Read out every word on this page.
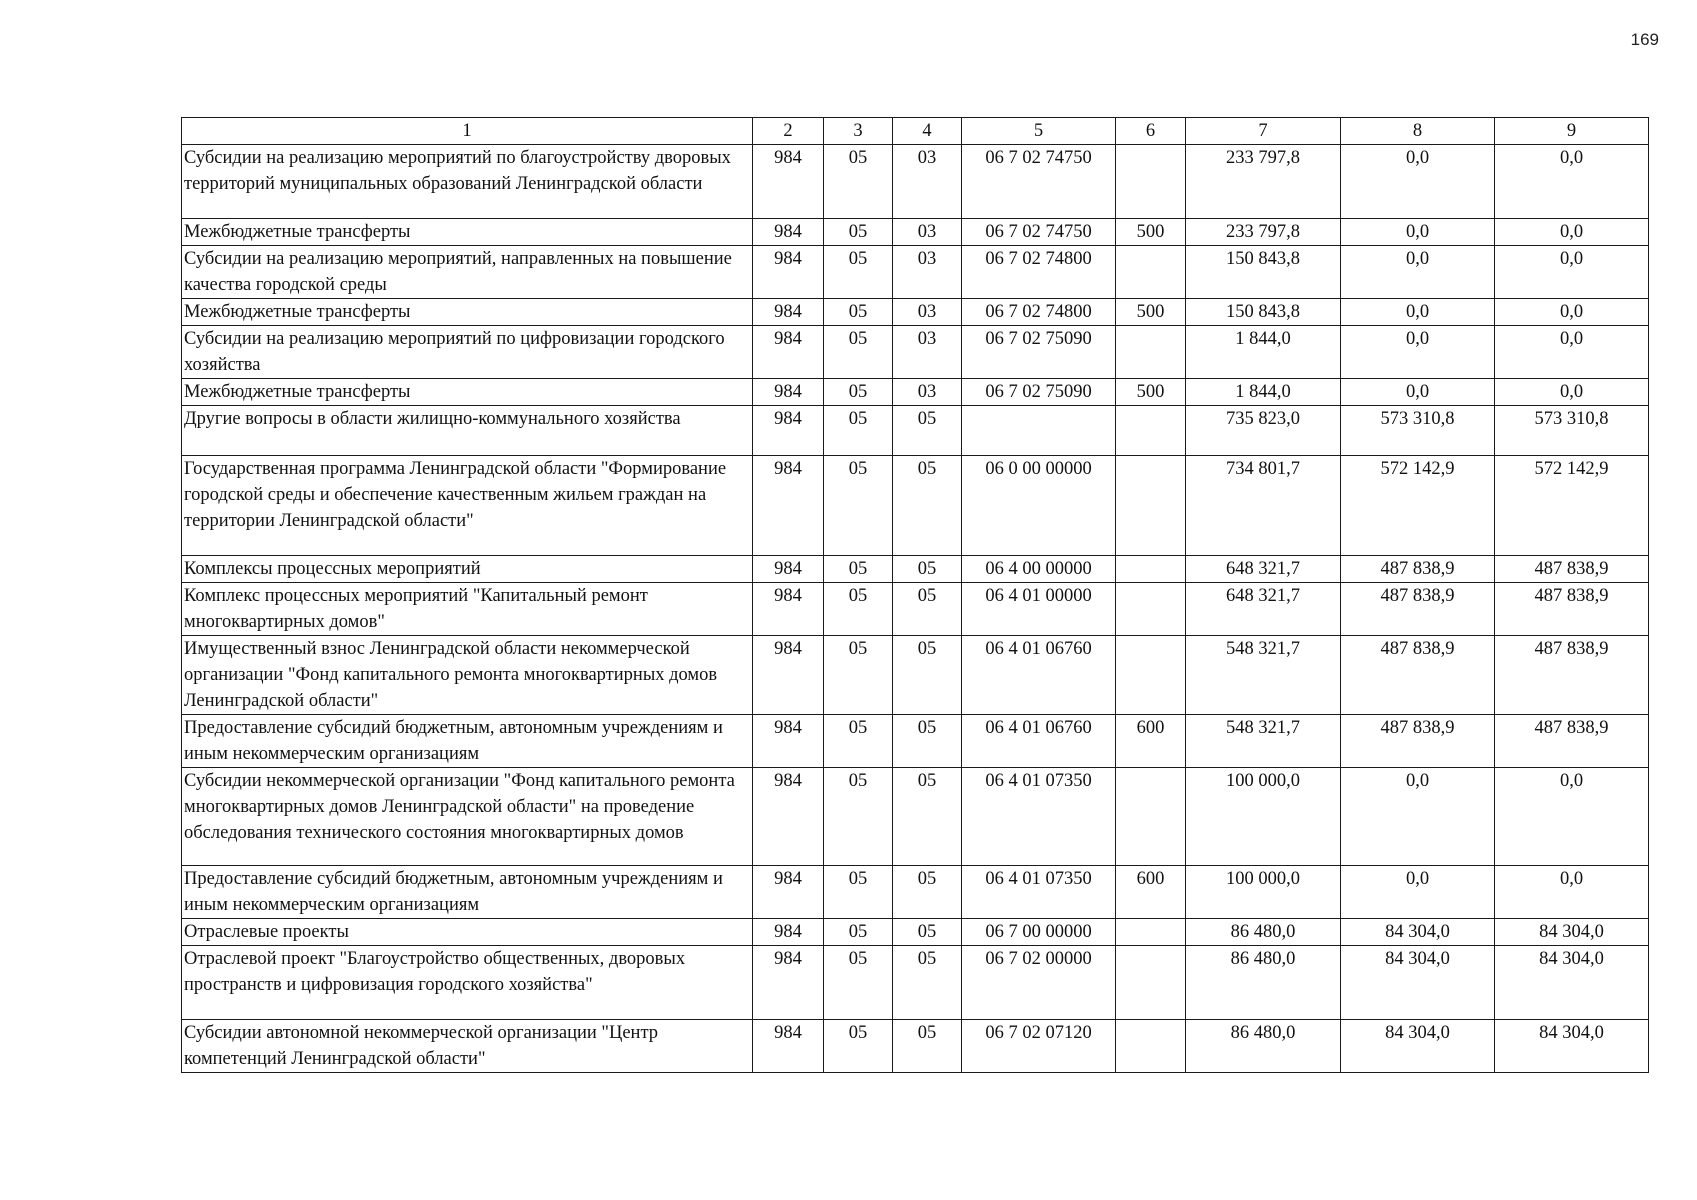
169
1	2	3	4	5	6	7	8	9
Субсидии на реализацию мероприятий по благоустройству дворовых территорий муниципальных образований Ленинградской области	984	05	03	06 7 02 74750		233 797,8	0,0	0,0
Межбюджетные трансферты	984	05	03	06 7 02 74750	500	233 797,8	0,0	0,0
Субсидии на реализацию мероприятий, направленных на повышение качества городской среды	984	05	03	06 7 02 74800		150 843,8	0,0	0,0
Межбюджетные трансферты	984	05	03	06 7 02 74800	500	150 843,8	0,0	0,0
Субсидии на реализацию мероприятий по цифровизации городского хозяйства	984	05	03	06 7 02 75090		1 844,0	0,0	0,0
Межбюджетные трансферты	984	05	03	06 7 02 75090	500	1 844,0	0,0	0,0
Другие вопросы в области жилищно-коммунального хозяйства	984	05	05			735 823,0	573 310,8	573 310,8
Государственная программа Ленинградской области "Формирование городской среды и обеспечение качественным жильем граждан на территории Ленинградской области"	984	05	05	06 0 00 00000		734 801,7	572 142,9	572 142,9
Комплексы процессных мероприятий	984	05	05	06 4 00 00000		648 321,7	487 838,9	487 838,9
Комплекс процессных мероприятий "Капитальный ремонт многоквартирных домов"	984	05	05	06 4 01 00000		648 321,7	487 838,9	487 838,9
Имущественный взнос Ленинградской области некоммерческой организации "Фонд капитального ремонта многоквартирных домов Ленинградской области"	984	05	05	06 4 01 06760		548 321,7	487 838,9	487 838,9
Предоставление субсидий бюджетным, автономным учреждениям и иным некоммерческим организациям	984	05	05	06 4 01 06760	600	548 321,7	487 838,9	487 838,9
Субсидии некоммерческой организации "Фонд капитального ремонта многоквартирных домов Ленинградской области" на проведение обследования технического состояния многоквартирных домов	984	05	05	06 4 01 07350		100 000,0	0,0	0,0
Предоставление субсидий бюджетным, автономным учреждениям и иным некоммерческим организациям	984	05	05	06 4 01 07350	600	100 000,0	0,0	0,0
Отраслевые проекты	984	05	05	06 7 00 00000		86 480,0	84 304,0	84 304,0
Отраслевой проект "Благоустройство общественных, дворовых пространств и цифровизация городского хозяйства"	984	05	05	06 7 02 00000		86 480,0	84 304,0	84 304,0
Субсидии автономной некоммерческой организации "Центр компетенций Ленинградской области"	984	05	05	06 7 02 07120		86 480,0	84 304,0	84 304,0
